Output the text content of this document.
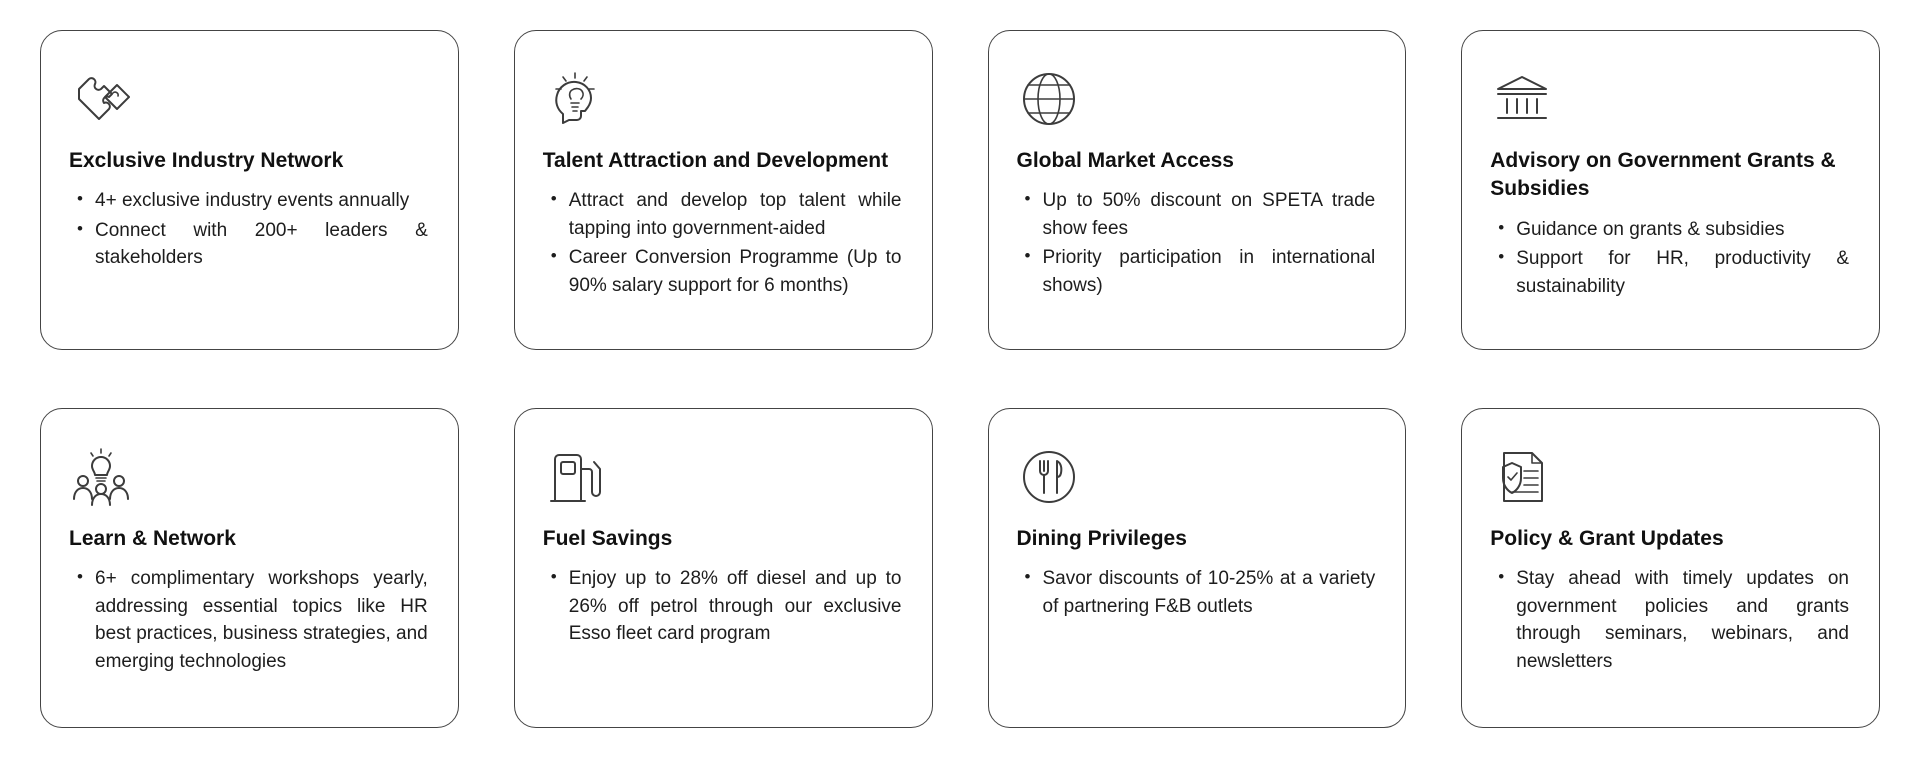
Exclusive Industry Network
• 4+ exclusive industry events annually
• Connect with 200+ leaders & stakeholders
Talent Attraction and Development
• Attract and develop top talent while tapping into government-aided
• Career Conversion Programme (Up to 90% salary support for 6 months)
Global Market Access
• Up to 50% discount on SPETA trade show fees
• Priority participation in international shows)
Advisory on Government Grants & Subsidies
• Guidance on grants & subsidies
• Support for HR, productivity & sustainability
Learn & Network
• 6+ complimentary workshops yearly, addressing essential topics like HR best practices, business strategies, and emerging technologies
Fuel Savings
• Enjoy up to 28% off diesel and up to 26% off petrol through our exclusive Esso fleet card program
Dining Privileges
• Savor discounts of 10-25% at a variety of partnering F&B outlets
Policy & Grant Updates
• Stay ahead with timely updates on government policies and grants through seminars, webinars, and newsletters
